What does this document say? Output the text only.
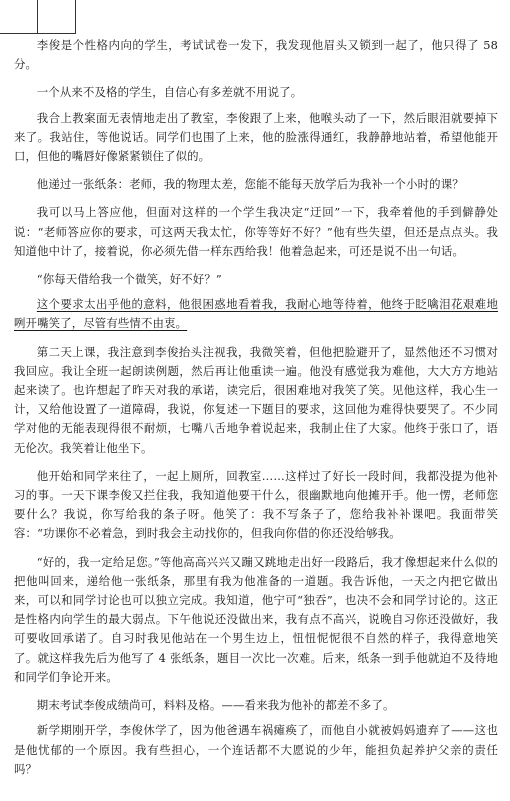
李俊是个性格内向的学生，考试试卷一发下，我发现他眉头又锁到一起了，他只得了 58 分。

一个从来不及格的学生，自信心有多差就不用说了。

我合上教案面无表情地走出了教室，李俊跟了上来，他喉头动了一下，然后眼泪就要掉下来了。我站住，等他说话。同学们也围了上来，他的脸涨得通红，我静静地站着，希望他能开口，但他的嘴唇好像紧紧锁住了似的。

他递过一张纸条：老师，我的物理太差，您能不能每天放学后为我补一个小时的课？

我可以马上答应他，但面对这样的一个学生我决定“迂回”一下，我牵着他的手到僻静处说：“老师答应你的要求，可这两天我太忙，你等等好不好？”他有些失望，但还是点点头。我知道他中计了，接着说，你必须先借一样东西给我！他着急起来，可还是说不出一句话。

“你每天借给我一个微笑，好不好？”

这个要求太出乎他的意料，他很困惑地看着我，我耐心地等待着，他终于眨噙泪花艰难地咧开嘴笑了，尽管有些情不由衷。

第二天上课，我注意到李俊抬头注视我，我微笑着，但他把脸避开了，显然他还不习惯对我回应。我让全班一起朗读例题，然后再让他重读一遍。他没有感觉我为难他，大大方方地站起来读了。也许想起了昨天对我的承诺，读完后，很困难地对我笑了笑。见他这样，我心生一计，又给他设置了一道障碍，我说，你复述一下题目的要求，这回他为难得快要哭了。不少同学对他的无能表现得很不耐烦，七嘴八舌地争着说起来，我制止住了大家。他终于张口了，语无伦次。我笑着让他坐下。

他开始和同学来往了，一起上厕所，回教室……这样过了好长一段时间，我都没提为他补习的事。一天下课李俊又拦住我，我知道他要干什么，很幽默地向他摊开手。他一愣，老师您要什么？我说，你写给我的条子呀。他笑了：我不写条子了，您给我补补课吧。我面带笑容：“功课你不必着急，到时我会主动找你的，但我向你借的你还没给够我。

“好的，我一定给足您。”等他高高兴兴又蹦又跳地走出好一段路后，我才像想起来什么似的把他叫回来，递给他一张纸条，那里有我为他准备的一道题。我告诉他，一天之内把它做出来，可以和同学讨论也可以独立完成。我知道，他宁可“独吞”，也决不会和同学讨论的。这正是性格内向学生的最大弱点。下午他说还没做出来，我有点不高兴，说晚自习你还没做好，我可要收回承诺了。自习时我见他站在一个男生边上，忸忸怩怩很不自然的样子，我得意地笑了。就这样我先后为他写了 4 张纸条，题目一次比一次难。后来，纸条一到手他就迫不及待地和同学们争论开来。

期末考试李俊成绩尚可，料料及格。——看来我为他补的都差不多了。

新学期刚开学，李俊休学了，因为他爸遇车祸瘫痪了，而他自小就被妈妈遗弃了——这也是他忧郁的一个原因。我有些担心，一个连话都不大愿说的少年，能担负起养护父亲的责任吗？
